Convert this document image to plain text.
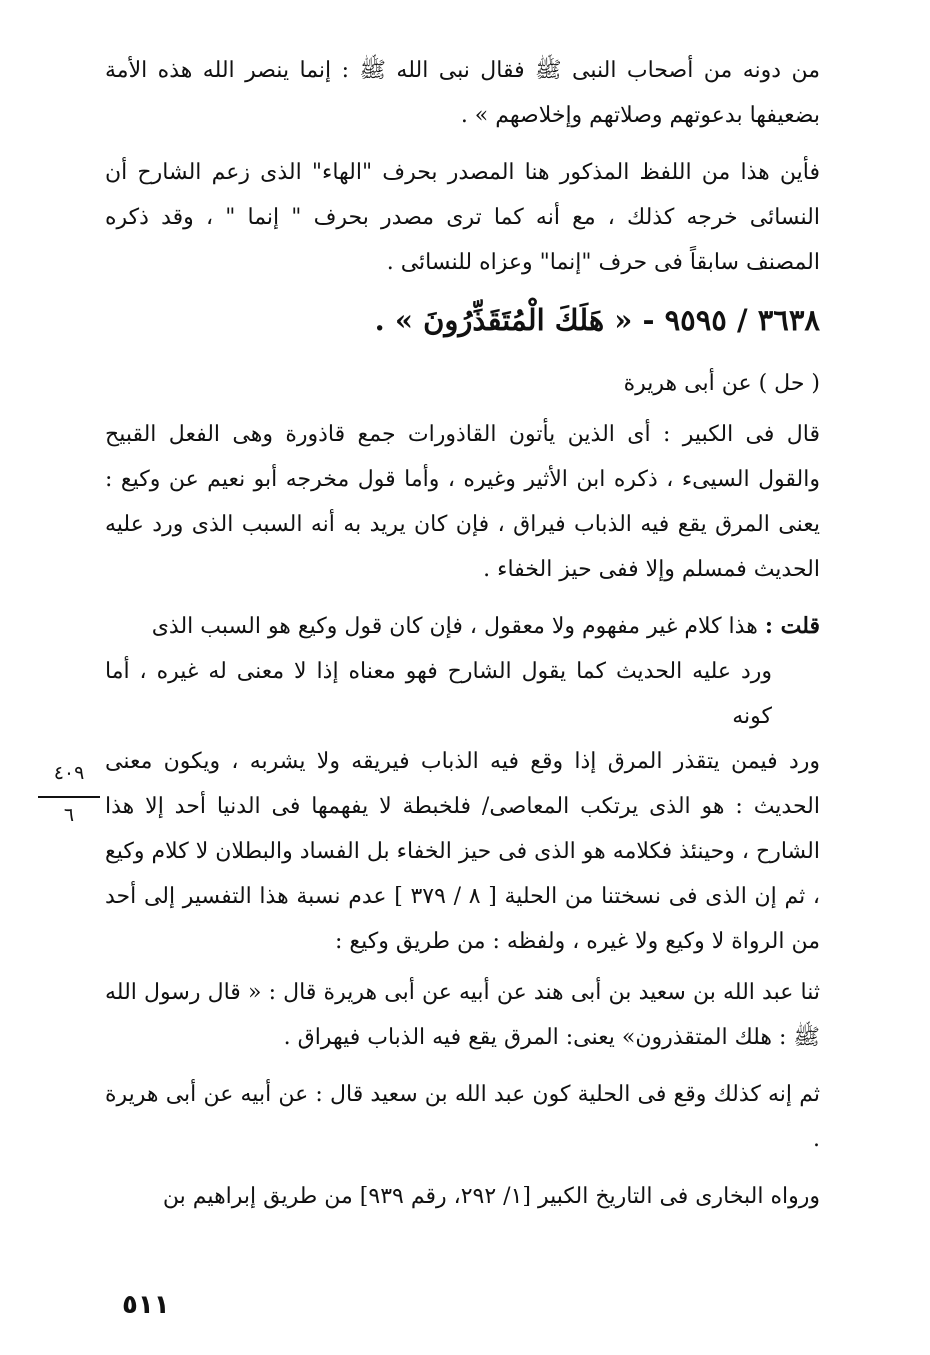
من دونه من أصحاب النبى ﷺ فقال نبى الله ﷺ : إنما ينصر الله هذه الأمة بضعيفها بدعوتهم وصلاتهم وإخلاصهم » .

فأين هذا من اللفظ المذكور هنا المصدر بحرف "الهاء" الذى زعم الشارح أن النسائى خرجه كذلك ، مع أنه كما ترى مصدر بحرف " إنما " ، وقد ذكره المصنف سابقاً فى حرف "إنما" وعزاه للنسائى .

٣٦٣٨ / ٩٥٩٥ - « هَلَكَ الْمُتَقَذِّرُونَ » .
( حل ) عن أبى هريرة

قال فى الكبير : أى الذين يأتون القاذورات جمع قاذورة وهى الفعل القبيح والقول السيىء ، ذكره ابن الأثير وغيره ، وأما قول مخرجه أبو نعيم عن وكيع : يعنى المرق يقع فيه الذباب فيراق ، فإن كان يريد به أنه السبب الذى ورد عليه الحديث فمسلم وإلا ففى حيز الخفاء .

قلت : هذا كلام غير مفهوم ولا معقول ، فإن كان قول وكيع هو السبب الذى
ورد عليه الحديث كما يقول الشارح فهو معناه إذا لا معنى له غيره ، أما كونه ورد فيمن يتقذر المرق إذا وقع فيه الذباب فيريقه ولا يشربه ، ويكون معنى الحديث : هو الذى يرتكب المعاصى/ فلخبطة لا يفهمها فى الدنيا أحد إلا هذا الشارح ، وحينئذ فكلامه هو الذى فى حيز الخفاء بل الفساد والبطلان لا كلام وكيع ، ثم إن الذى فى نسختنا من الحلية [ ٨ / ٣٧٩ ] عدم نسبة هذا التفسير إلى أحد من الرواة لا وكيع ولا غيره ، ولفظه : من طريق وكيع :

ثنا عبد الله بن سعيد بن أبى هند عن أبيه عن أبى هريرة قال : « قال رسول الله ﷺ : هلك المتقذرون» يعنى: المرق يقع فيه الذباب فيهراق .

ثم إنه كذلك وقع فى الحلية كون عبد الله بن سعيد قال : عن أبيه عن أبى هريرة .

ورواه البخارى فى التاريخ الكبير [١/ ٢٩٢، رقم ٩٣٩] من طريق إبراهيم بن

٤٠٩
٦
٥١١
